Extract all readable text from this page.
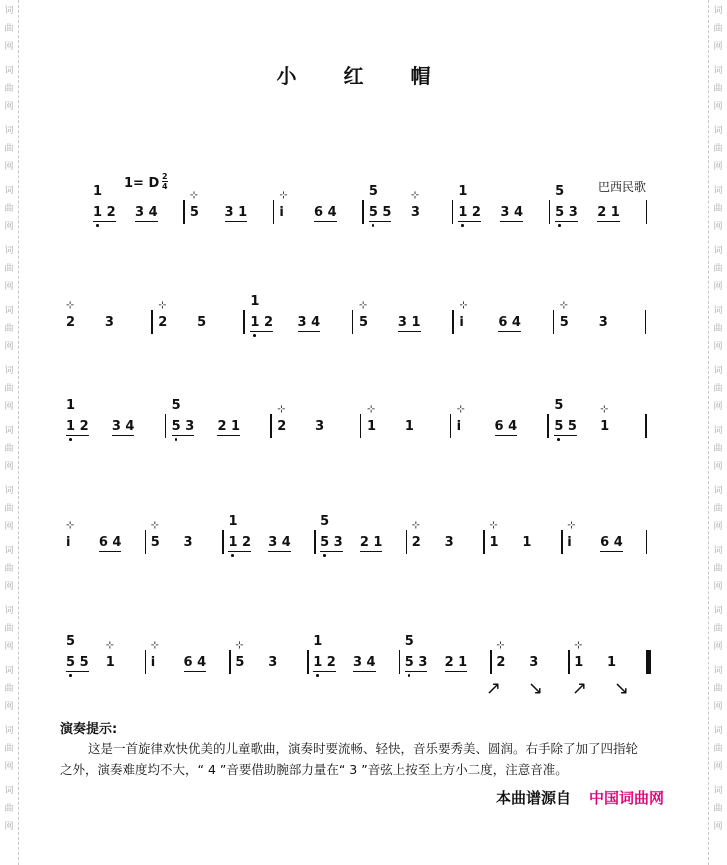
词
曲
网
词
曲
网
词
曲
网
词
曲
网
词
曲
网
词
曲
网
词
曲
网
词
曲
网
词
曲
网
词
曲
网
词
曲
网
词
曲
网
词
曲
网
词
曲
网
词
曲
网
词
曲
网
词
曲
网
词
曲
网
词
曲
网
词
曲
网
词
曲
网
词
曲
网
词
曲
网
词
曲
网
词
曲
网
词
曲
网
词
曲
网
词
曲
网
小 红 帽
1= D 2
4	巴西民歌
1
1 2 3 4
⊹
5 3 1
⊹
i 6 4
5
5 5
⊹
3
1
1 2 3 4
5
5 3 2 1
⊹
2 3
⊹
2 5
1
1 2 3 4
⊹
5 3 1
⊹
i	6 4
⊹
5 3
1
1 2 3 4
5
5 3 2 1
⊹
2 3
⊹
1 1
⊹
i	6 4
5
5 5
⊹
1
⊹
i 6 4
⊹
5 3
1
1 2 3 4
5
5 3 2 1
⊹
2 3
⊹
1 1
⊹
i 6 4
5
5 5
⊹
1
⊹
i 6 4
⊹
5 3
1
1 2 3 4
5
5 3 2 1
⊹
2 3
⊹
1 1
演奏提示:
这是一首旋律欢快优美的儿童歌曲，演奏时要流畅、轻快，音乐要秀美、圆润。右手除了加了四指轮之外，演奏难度均不大，“ 4 ”音要借助腕部力量在“ 3 ”音弦上按至上方小二度，注意音准。
本曲谱源自 中国词曲网
↗ ↘ ↗ ↘
